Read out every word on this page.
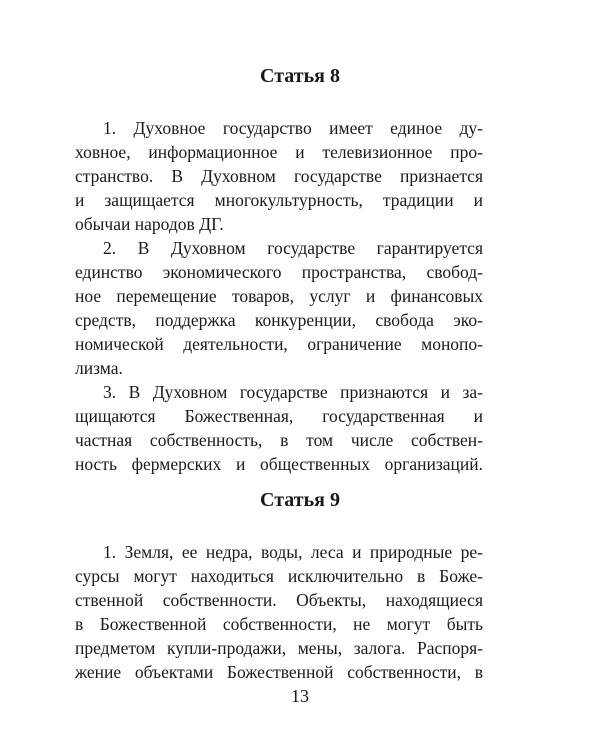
Статья 8

1. Духовное государство имеет единое ду-

ховное, информационное и телевизионное про-

странство. В Духовном государстве признается

и защищается многокультурность, традиции и

обычаи народов ДГ.

2. В Духовном государстве гарантируется

единство экономического пространства, свобод-

ное перемещение товаров, услуг и финансовых

средств, поддержка конкуренции, свобода эко-

номической деятельности, ограничение монопо-

лизма.

3. В Духовном государстве признаются и за-

щищаются Божественная, государственная и

частная собственность, в том числе собствен-

ность фермерских и общественных организаций.

Статья 9

1. Земля, ее недра, воды, леса и природные ре-

сурсы могут находиться исключительно в Боже-

ственной собственности. Объекты, находящиеся

в Божественной собственности, не могут быть

предметом купли-продажи, мены, залога. Распоря-

жение объектами Божественной собственности, в

13
